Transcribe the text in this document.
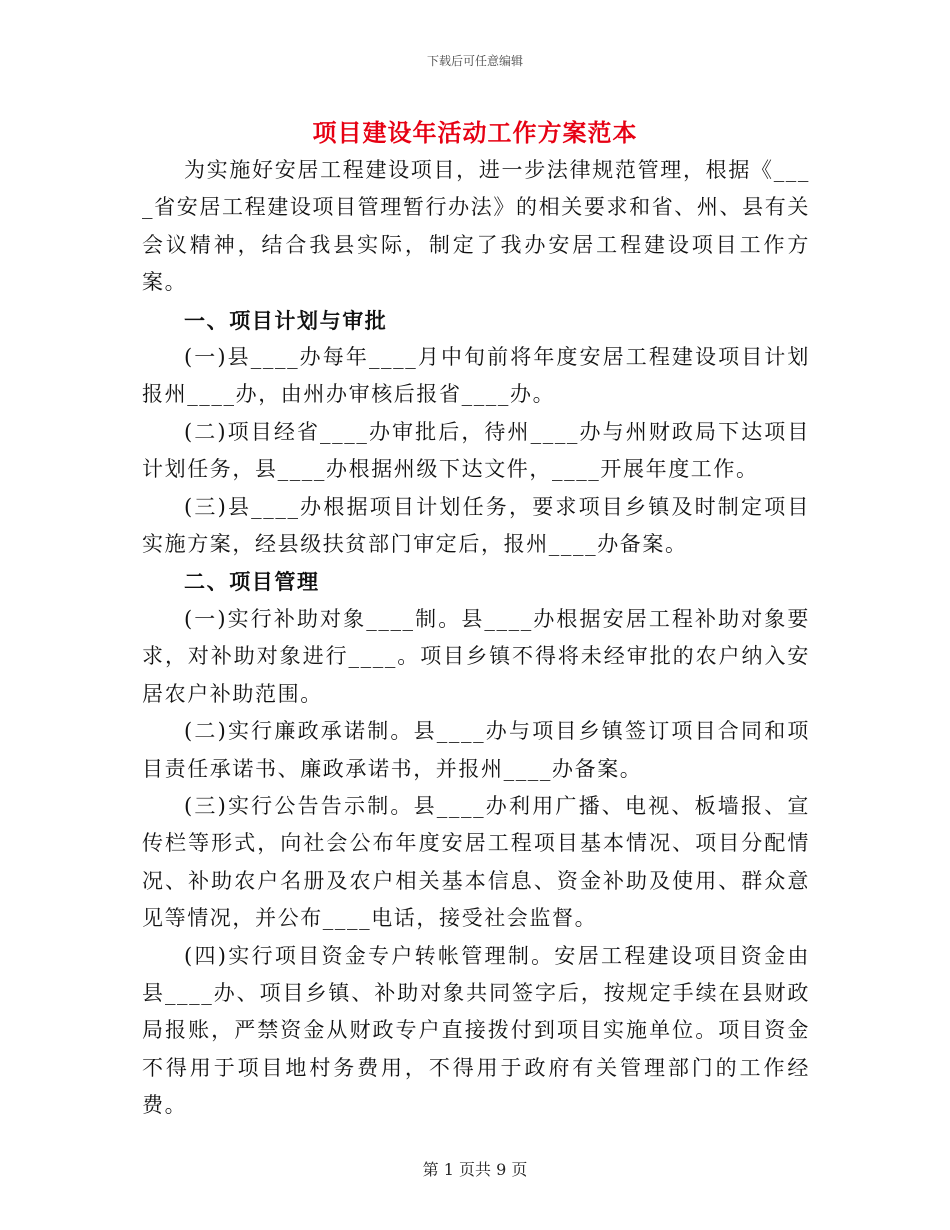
下载后可任意编辑
项目建设年活动工作方案范本

为实施好安居工程建设项目，进一步法律规范管理，根据《____省安居工程建设项目管理暂行办法》的相关要求和省、州、县有关会议精神，结合我县实际，制定了我办安居工程建设项目工作方案。

一、项目计划与审批

(一)县____办每年____月中旬前将年度安居工程建设项目计划报州____办，由州办审核后报省____办。

(二)项目经省____办审批后，待州____办与州财政局下达项目计划任务，县____办根据州级下达文件，____开展年度工作。

(三)县____办根据项目计划任务，要求项目乡镇及时制定项目实施方案，经县级扶贫部门审定后，报州____办备案。

二、项目管理

(一)实行补助对象____制。县____办根据安居工程补助对象要求，对补助对象进行____。项目乡镇不得将未经审批的农户纳入安居农户补助范围。

(二)实行廉政承诺制。县____办与项目乡镇签订项目合同和项目责任承诺书、廉政承诺书，并报州____办备案。

(三)实行公告告示制。县____办利用广播、电视、板墙报、宣传栏等形式，向社会公布年度安居工程项目基本情况、项目分配情况、补助农户名册及农户相关基本信息、资金补助及使用、群众意见等情况，并公布____电话，接受社会监督。

(四)实行项目资金专户转帐管理制。安居工程建设项目资金由县____办、项目乡镇、补助对象共同签字后，按规定手续在县财政局报账，严禁资金从财政专户直接拨付到项目实施单位。项目资金不得用于项目地村务费用，不得用于政府有关管理部门的工作经费。

第 1 页共 9 页
